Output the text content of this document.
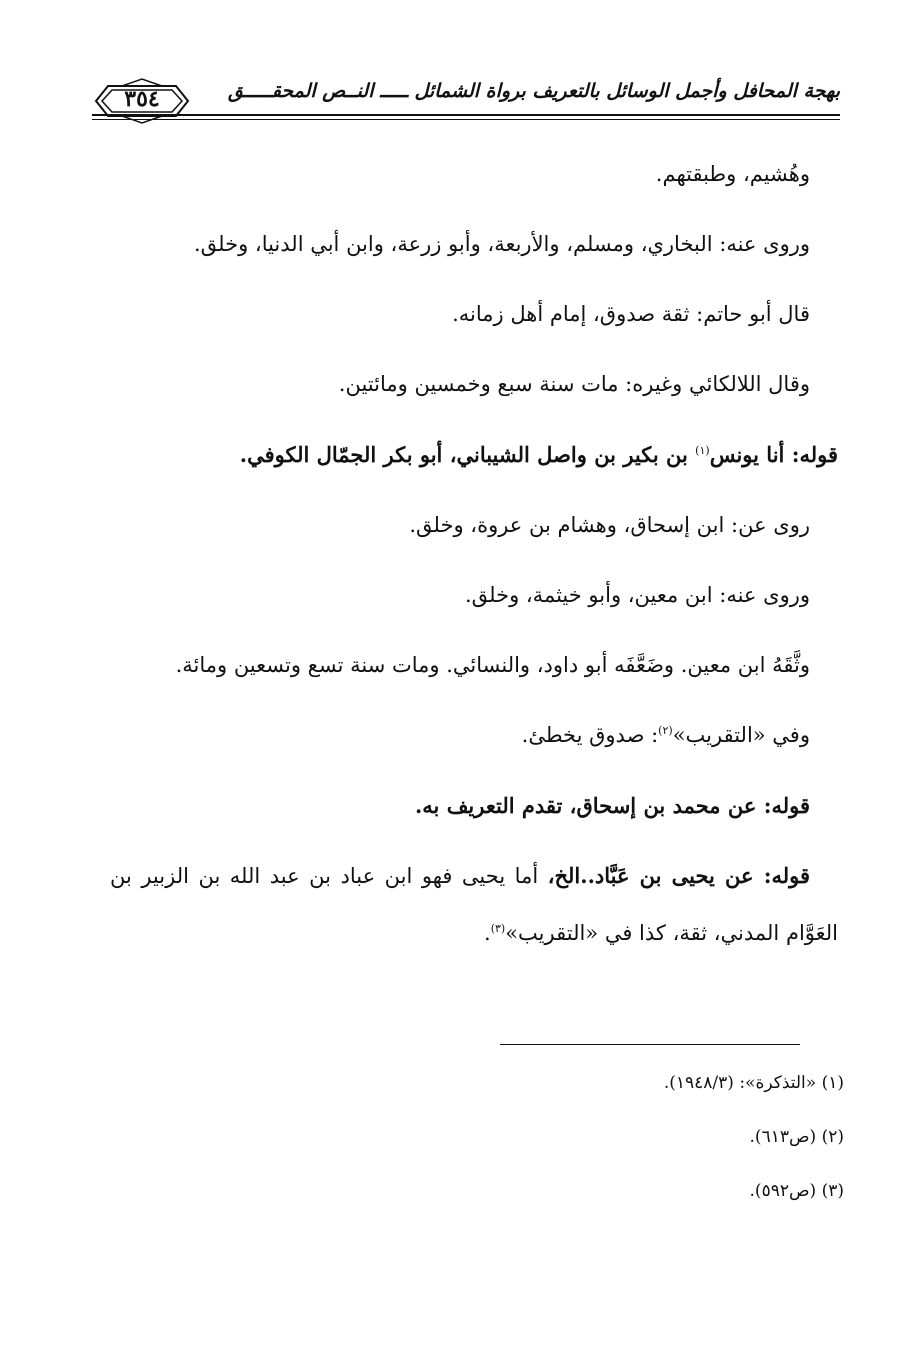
بهجة المحافل وأجمل الوسائل بالتعريف برواة الشمائل ـــــ النــص المحقـــــق
٣٥٤

وهُشيم، وطبقتهم.

وروى عنه: البخاري، ومسلم، والأربعة، وأبو زرعة، وابن أبي الدنيا، وخلق.

قال أبو حاتم: ثقة صدوق، إمام أهل زمانه.

وقال اللالكائي وغيره: مات سنة سبع وخمسين ومائتين.

قوله: أنا يونس$^{(١)}$ بن بكير بن واصل الشيباني، أبو بكر الجمّال الكوفي.

روى عن: ابن إسحاق، وهشام بن عروة، وخلق.

وروى عنه: ابن معين، وأبو خيثمة، وخلق.

وثَّقَهُ ابن معين. وضَعَّفَه أبو داود، والنسائي. ومات سنة تسع وتسعين ومائة.

وفي «التقريب»$^{(٢)}$: صدوق يخطئ.

قوله: عن محمد بن إسحاق، تقدم التعريف به.

قوله: عن يحيى بن عَبَّاد..الخ، أما يحيى فهو ابن عباد بن عبد الله بن الزبير بن العَوَّام المدني، ثقة، كذا في «التقريب»$^{(٣)}$.

(١) «التذكرة»: (١٩٤٨/٣).

(٢) (ص٦١٣).

(٣) (ص٥٩٢).
